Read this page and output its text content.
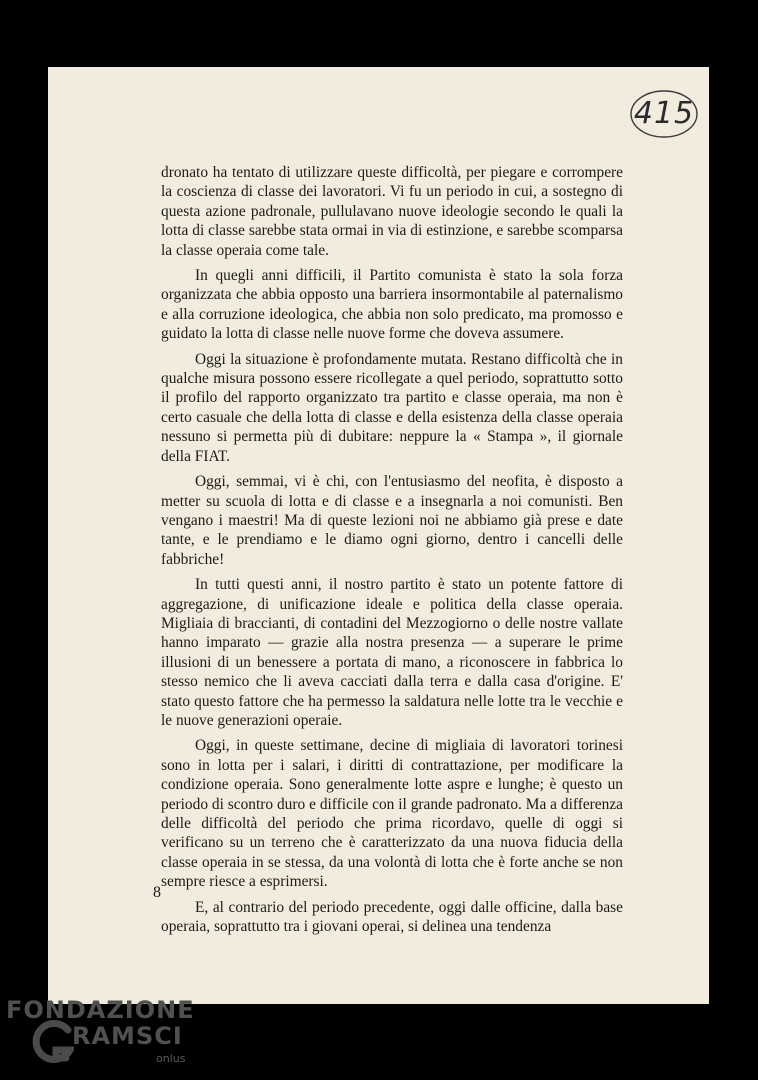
415

dronato ha tentato di utilizzare queste difficoltà, per piegare e corrompere la coscienza di classe dei lavoratori. Vi fu un periodo in cui, a sostegno di questa azione padronale, pullulavano nuove ideologie secondo le quali la lotta di classe sarebbe stata ormai in via di estinzione, e sarebbe scomparsa la classe operaia come tale.

In quegli anni difficili, il Partito comunista è stato la sola forza organizzata che abbia opposto una barriera insormontabile al paternalismo e alla corruzione ideologica, che abbia non solo predicato, ma promosso e guidato la lotta di classe nelle nuove forme che doveva assumere.

Oggi la situazione è profondamente mutata. Restano difficoltà che in qualche misura possono essere ricollegate a quel periodo, soprattutto sotto il profilo del rapporto organizzato tra partito e classe operaia, ma non è certo casuale che della lotta di classe e della esistenza della classe operaia nessuno si permetta più di dubitare: neppure la « Stampa », il giornale della FIAT.

Oggi, semmai, vi è chi, con l'entusiasmo del neofita, è disposto a metter su scuola di lotta e di classe e a insegnarla a noi comunisti. Ben vengano i maestri! Ma di queste lezioni noi ne abbiamo già prese e date tante, e le prendiamo e le diamo ogni giorno, dentro i cancelli delle fabbriche!

In tutti questi anni, il nostro partito è stato un potente fattore di aggregazione, di unificazione ideale e politica della classe operaia. Migliaia di braccianti, di contadini del Mezzogiorno o delle nostre vallate hanno imparato — grazie alla nostra presenza — a superare le prime illusioni di un benessere a portata di mano, a riconoscere in fabbrica lo stesso nemico che li aveva cacciati dalla terra e dalla casa d'origine. E' stato questo fattore che ha permesso la saldatura nelle lotte tra le vecchie e le nuove generazioni operaie.

Oggi, in queste settimane, decine di migliaia di lavoratori torinesi sono in lotta per i salari, i diritti di contrattazione, per modificare la condizione operaia. Sono generalmente lotte aspre e lunghe; è questo un periodo di scontro duro e difficile con il grande padronato. Ma a differenza delle difficoltà del periodo che prima ricordavo, quelle di oggi si verificano su un terreno che è caratterizzato da una nuova fiducia della classe operaia in se stessa, da una volontà di lotta che è forte anche se non sempre riesce a esprimersi.

E, al contrario del periodo precedente, oggi dalle officine, dalla base operaia, soprattutto tra i giovani operai, si delinea una tendenza

8
FONDAZIONE
RAMSCI
onlus
